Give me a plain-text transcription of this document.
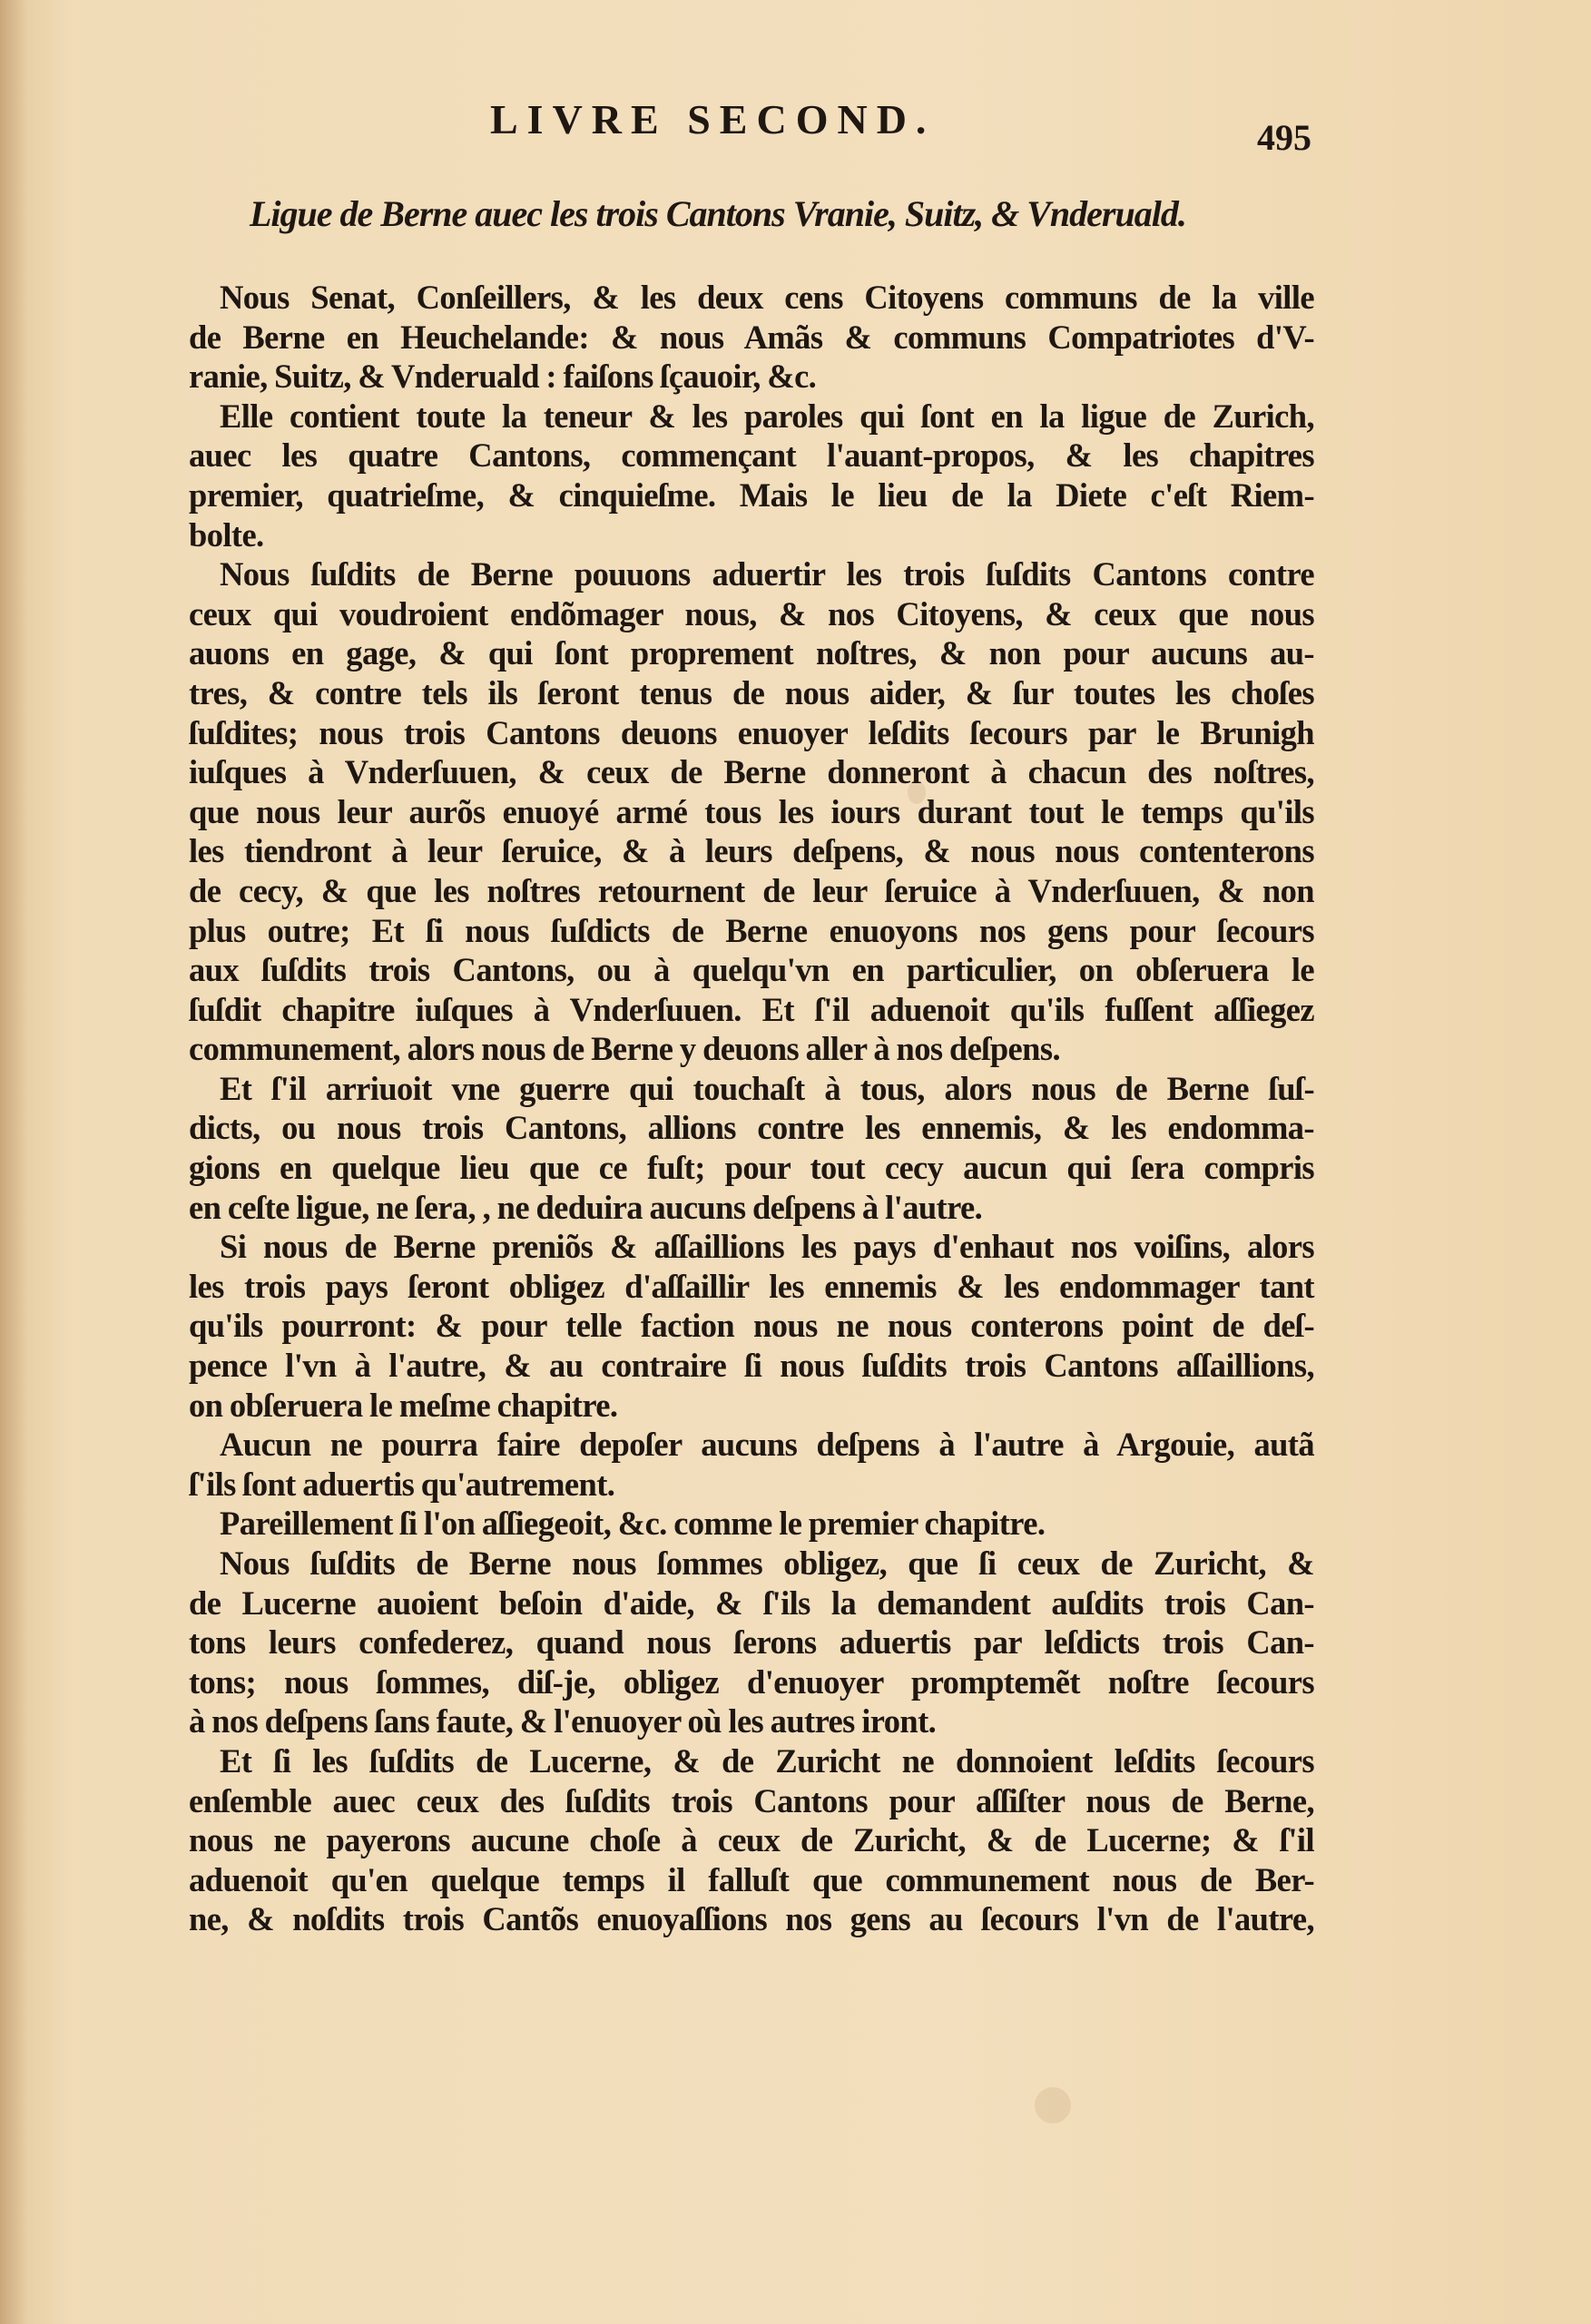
LIVRE SECOND.	495
Ligue de Berne auec les trois Cantons Vranie, Suitz, & Vnderuald.
Nous Senat, Conſeillers, & les deux cens Citoyens communs de la ville
de Berne en Heuchelande: & nous Amãs & communs Compatriotes d'V-
ranie, Suitz, & Vnderuald : faiſons ſçauoir, &c.
Elle contient toute la teneur & les paroles qui ſont en la ligue de Zurich,
auec les quatre Cantons, commençant l'auant-propos, & les chapitres
premier, quatrieſme, & cinquieſme. Mais le lieu de la Diete c'eſt Riem-
bolte.
Nous ſuſdits de Berne pouuons aduertir les trois ſuſdits Cantons contre
ceux qui voudroient endõmager nous, & nos Citoyens, & ceux que nous
auons en gage, & qui ſont proprement noſtres, & non pour aucuns au-
tres, & contre tels ils ſeront tenus de nous aider, & ſur toutes les choſes
ſuſdites; nous trois Cantons deuons enuoyer leſdits ſecours par le Brunigh
iuſques à Vnderſuuen, & ceux de Berne donneront à chacun des noſtres,
que nous leur aurõs enuoyé armé tous les iours durant tout le temps qu'ils
les tiendront à leur ſeruice, & à leurs deſpens, & nous nous contenterons
de cecy, & que les noſtres retournent de leur ſeruice à Vnderſuuen, & non
plus outre; Et ſi nous ſuſdicts de Berne enuoyons nos gens pour ſecours
aux ſuſdits trois Cantons, ou à quelqu'vn en particulier, on obſeruera le
ſuſdit chapitre iuſques à Vnderſuuen. Et ſ'il aduenoit qu'ils fuſſent aſſiegez
communement, alors nous de Berne y deuons aller à nos deſpens.
Et ſ'il arriuoit vne guerre qui touchaſt à tous, alors nous de Berne ſuſ-
dicts, ou nous trois Cantons, allions contre les ennemis, & les endomma-
gions en quelque lieu que ce fuſt; pour tout cecy aucun qui ſera compris
en ceſte ligue, ne ſera, , ne deduira aucuns deſpens à l'autre.
Si nous de Berne preniõs & aſſaillions les pays d'enhaut nos voiſins, alors
les trois pays ſeront obligez d'aſſaillir les ennemis & les endommager tant
qu'ils pourront: & pour telle faction nous ne nous conterons point de deſ-
pence l'vn à l'autre, & au contraire ſi nous ſuſdits trois Cantons aſſaillions,
on obſeruera le meſme chapitre.
Aucun ne pourra faire depoſer aucuns deſpens à l'autre à Argouie, autã
ſ'ils ſont aduertis qu'autrement.
Pareillement ſi l'on aſſiegeoit, &c. comme le premier chapitre.
Nous ſuſdits de Berne nous ſommes obligez, que ſi ceux de Zuricht, &
de Lucerne auoient beſoin d'aide, & ſ'ils la demandent auſdits trois Can-
tons leurs confederez, quand nous ſerons aduertis par leſdicts trois Can-
tons; nous ſommes, diſ-je, obligez d'enuoyer promptemẽt noſtre ſecours
à nos deſpens ſans faute, & l'enuoyer où les autres iront.
Et ſi les ſuſdits de Lucerne, & de Zuricht ne donnoient leſdits ſecours
enſemble auec ceux des ſuſdits trois Cantons pour aſſiſter nous de Berne,
nous ne payerons aucune choſe à ceux de Zuricht, & de Lucerne; & ſ'il
aduenoit qu'en quelque temps il falluſt que communement nous de Ber-
ne, & noſdits trois Cantõs enuoyaſſions nos gens au ſecours l'vn de l'autre,
